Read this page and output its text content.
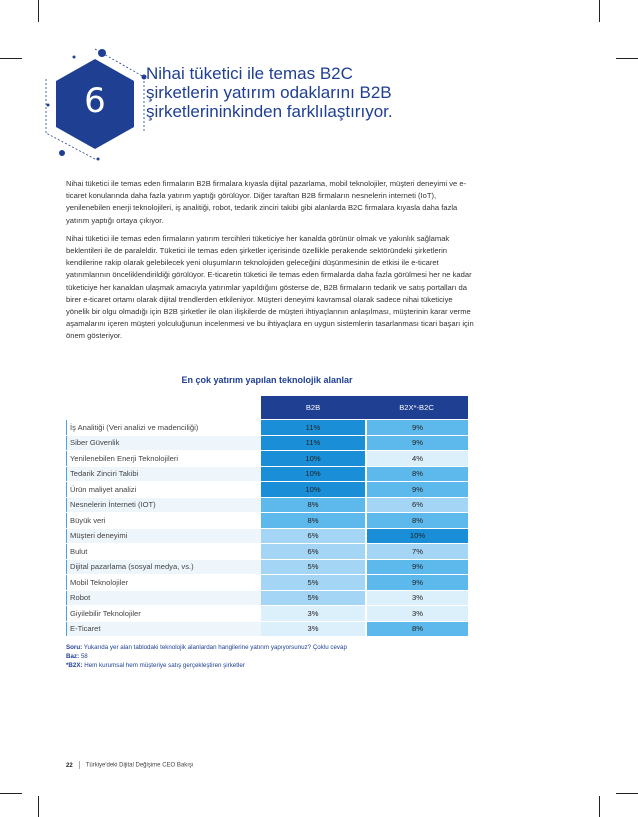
6
Nihai tüketici ile temas B2C
şirketlerin yatırım odaklarını B2B
şirketlerininkinden farklılaştırıyor.

Nihai tüketici ile temas eden firmaların B2B firmalara kıyasla dijital pazarlama, mobil teknolojiler, müşteri deneyimi ve e-ticaret konularında daha fazla yatırım yaptığı görülüyor. Diğer taraftan B2B firmaların nesnelerin interneti (IoT), yenilenebilen enerji teknolojileri, iş analitiği, robot, tedarik zinciri takibi gibi alanlarda B2C firmalara kıyasla daha fazla yatırım yaptığı ortaya çıkıyor.

Nihai tüketici ile temas eden firmaların yatırım tercihleri tüketiciye her kanalda görünür olmak ve yakınlık sağlamak beklentileri ile de paraleldir. Tüketici ile temas eden şirketler içerisinde özellikle perakende sektöründeki şirketlerin kendilerine rakip olarak gelebilecek yeni oluşumların teknolojiden geleceğini düşünmesinin de etkisi ile e-ticaret yatırımlarının önceliklendirildiği görülüyor. E-ticaretin tüketici ile temas eden firmalarda daha fazla görülmesi her ne kadar tüketiciye her kanaldan ulaşmak amacıyla yatırımlar yapıldığını gösterse de, B2B firmaların tedarik ve satış portalları da birer e-ticaret ortamı olarak dijital trendlerden etkileniyor. Müşteri deneyimi kavramsal olarak sadece nihai tüketiciye yönelik bir olgu olmadığı için B2B şirketler ile olan ilişkilerde de müşteri ihtiyaçlarının anlaşılması, müşterinin karar verme aşamalarını içeren müşteri yolculuğunun incelenmesi ve bu ihtiyaçlara en uygun sistemlerin tasarlanması ticari başarı için önem gösteriyor.

En çok yatırım yapılan teknolojik alanlar
	B2B	B2X*-B2C
İş Analitiği (Veri analizi ve madenciliği)	11%	9%
Siber Güvenlik	11%	9%
Yenilenebilen Enerji Teknolojileri	10%	4%
Tedarik Zinciri Takibi	10%	8%
Ürün maliyet analizi	10%	9%
Nesnelerin İnterneti (IOT)	8%	6%
Büyük veri	8%	8%
Müşteri deneyimi	6%	10%
Bulut	6%	7%
Dijital pazarlama (sosyal medya, vs.)	5%	9%
Mobil Teknolojiler	5%	9%
Robot	5%	3%
Giyilebilir Teknolojiler	3%	3%
E-Ticaret	3%	8%
Soru: Yukarıda yer alan tablodaki teknolojik alanlardan hangilerine yatırım yapıyorsunuz? Çoklu cevap
Baz: 58
*B2X: Hem kurumsal hem müşteriye satış gerçekleştiren şirketler
22 Türkiye'deki Dijital Değişime CEO Bakışı
